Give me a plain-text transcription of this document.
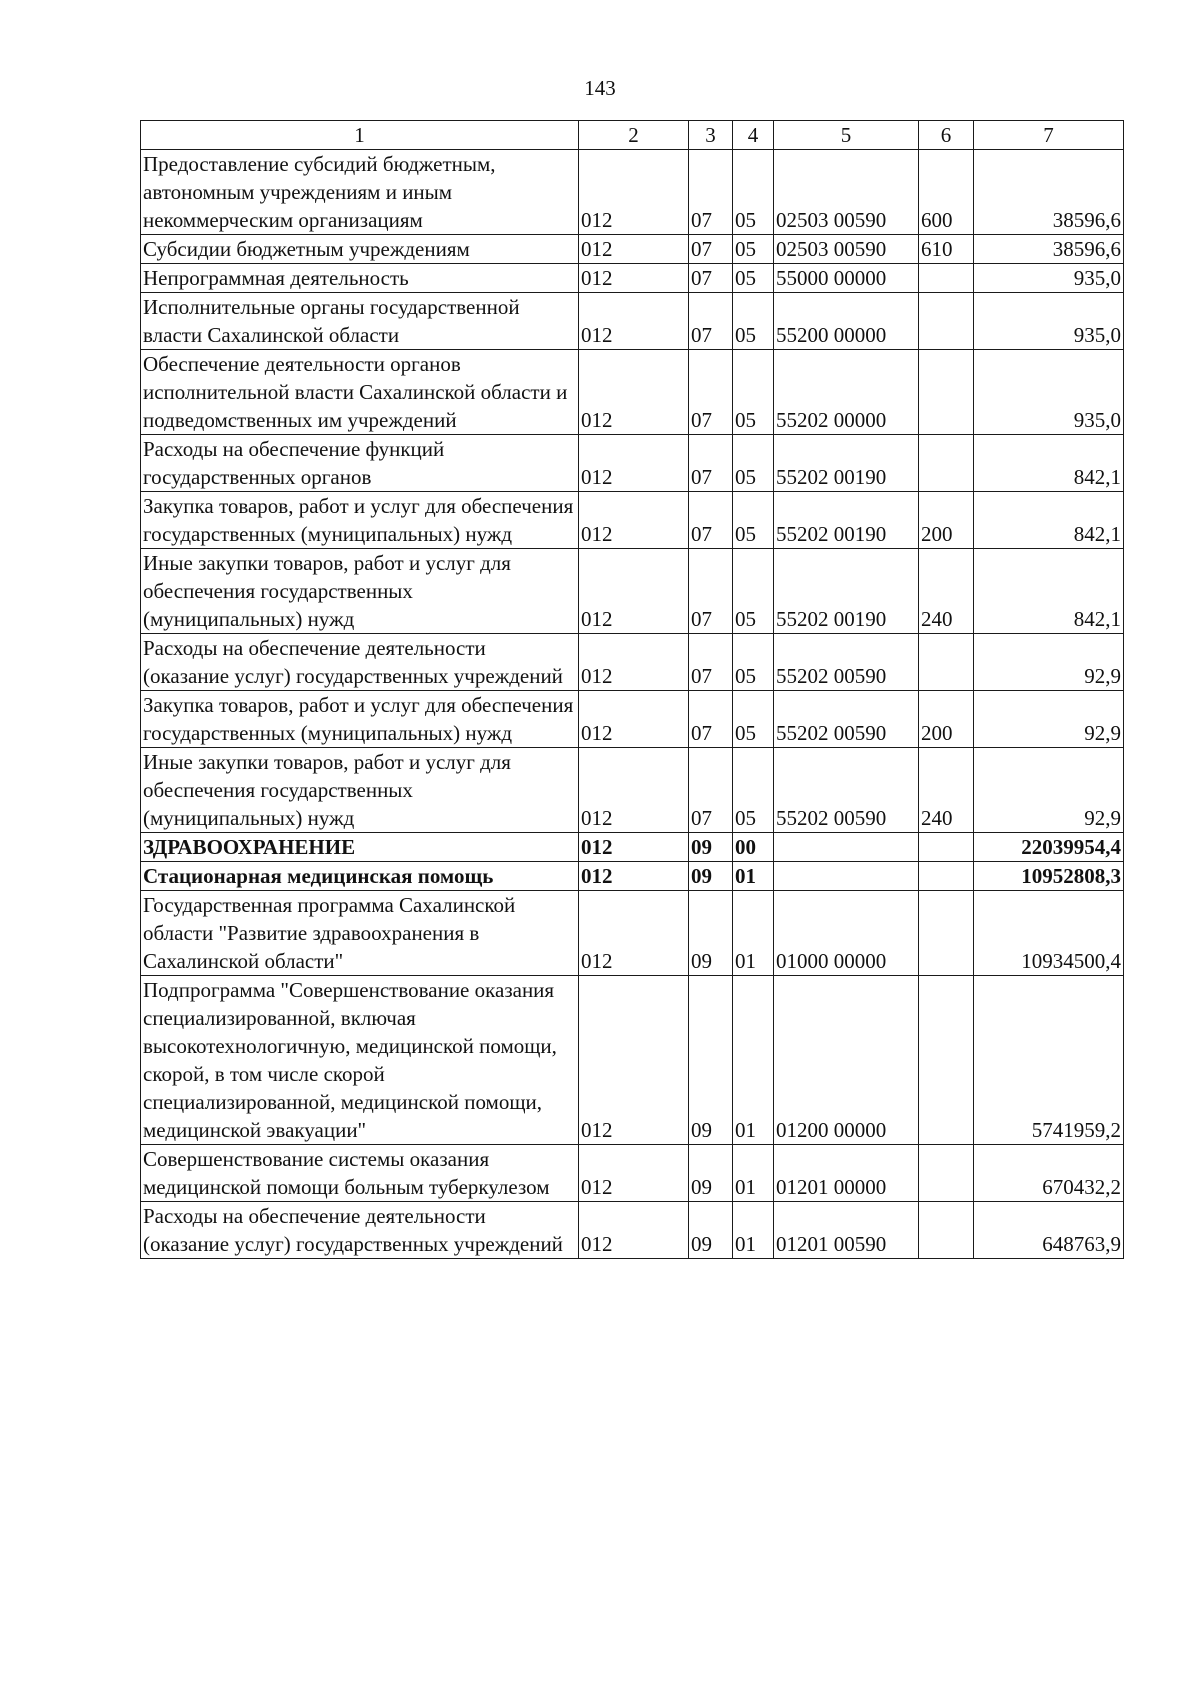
143
1	2	3	4	5	6	7
Предоставление субсидий бюджетным, автономным учреждениям и иным некоммерческим организациям	012	07	05	02503 00590	600	38596,6
Субсидии бюджетным учреждениям	012	07	05	02503 00590	610	38596,6
Непрограммная деятельность	012	07	05	55000 00000		935,0
Исполнительные органы государственной власти Сахалинской области	012	07	05	55200 00000		935,0
Обеспечение деятельности органов исполнительной власти Сахалинской области и подведомственных им учреждений	012	07	05	55202 00000		935,0
Расходы на обеспечение функций государственных органов	012	07	05	55202 00190		842,1
Закупка товаров, работ и услуг для обеспечения государственных (муниципальных) нужд	012	07	05	55202 00190	200	842,1
Иные закупки товаров, работ и услуг для обеспечения государственных (муниципальных) нужд	012	07	05	55202 00190	240	842,1
Расходы на обеспечение деятельности (оказание услуг) государственных учреждений	012	07	05	55202 00590		92,9
Закупка товаров, работ и услуг для обеспечения государственных (муниципальных) нужд	012	07	05	55202 00590	200	92,9
Иные закупки товаров, работ и услуг для обеспечения государственных (муниципальных) нужд	012	07	05	55202 00590	240	92,9
ЗДРАВООХРАНЕНИЕ	012	09	00			22039954,4
Стационарная медицинская помощь	012	09	01			10952808,3
Государственная программа Сахалинской области "Развитие здравоохранения в Сахалинской области"	012	09	01	01000 00000		10934500,4
Подпрограмма "Совершенствование оказания специализированной, включая высокотехнологичную, медицинской помощи, скорой, в том числе скорой специализированной, медицинской помощи, медицинской эвакуации"	012	09	01	01200 00000		5741959,2
Совершенствование системы оказания медицинской помощи больным туберкулезом	012	09	01	01201 00000		670432,2
Расходы на обеспечение деятельности (оказание услуг) государственных учреждений	012	09	01	01201 00590		648763,9
